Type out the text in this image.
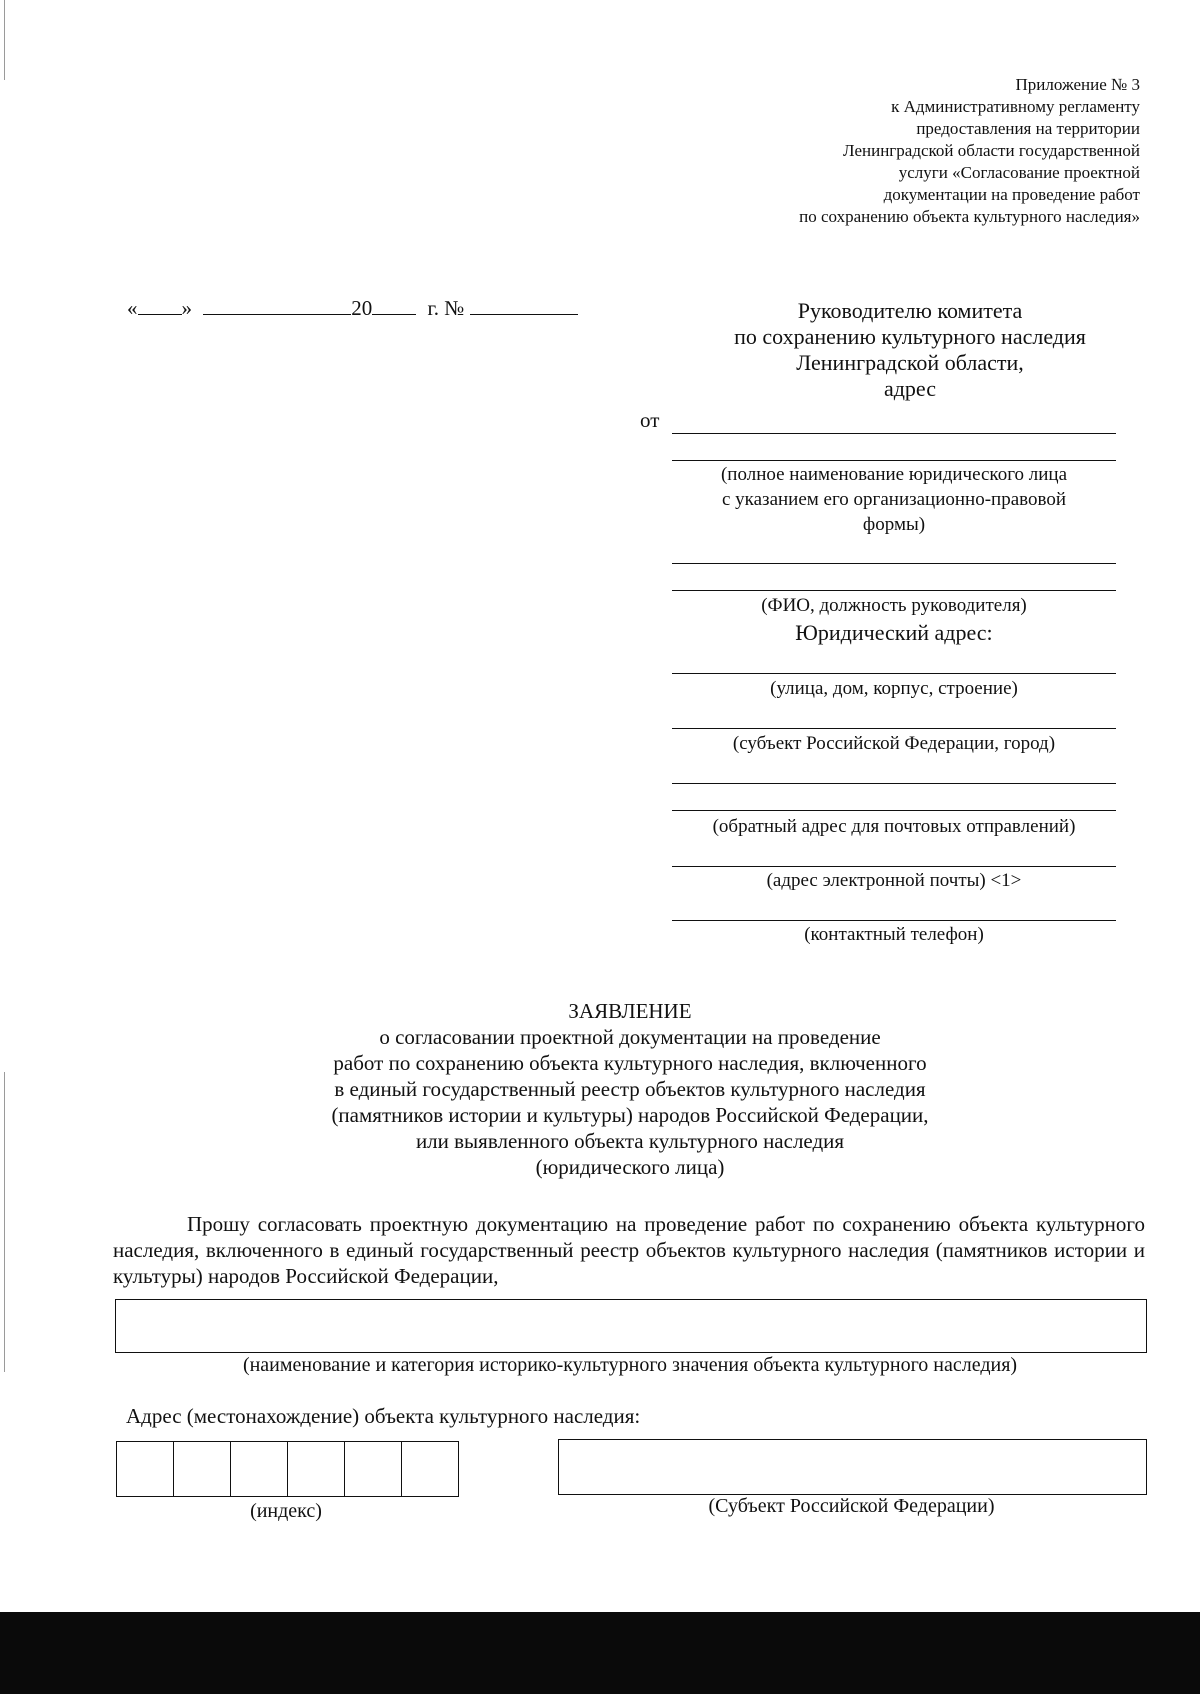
Приложение № 3
к Административному регламенту
предоставления на территории
Ленинградской области государственной
услуги «Согласование проектной
документации на проведение работ
по сохранению объекта культурного наследия»
« »	20	г. №	Руководителю комитета
по сохранению культурного наследия
Ленинградской области,
адрес
от
(полное наименование юридического лица
с указанием его организационно-правовой
формы)
(ФИО, должность руководителя)
Юридический адрес:
(улица, дом, корпус, строение)
(субъект Российской Федерации, город)
(обратный адрес для почтовых отправлений)
(адрес электронной почты) <1>
(контактный телефон)
ЗАЯВЛЕНИЕ
о согласовании проектной документации на проведение
работ по сохранению объекта культурного наследия, включенного
в единый государственный реестр объектов культурного наследия
(памятников истории и культуры) народов Российской Федерации,
или выявленного объекта культурного наследия
(юридического лица)
Прошу согласовать проектную документацию на проведение работ по сохранению объекта культурного наследия, включенного в единый государственный реестр объектов культурного наследия (памятников истории и культуры) народов Российской Федерации,
(наименование и категория историко-культурного значения объекта культурного наследия)
Адрес (местонахождение) объекта культурного наследия:
(индекс)	(Субъект Российской Федерации)
